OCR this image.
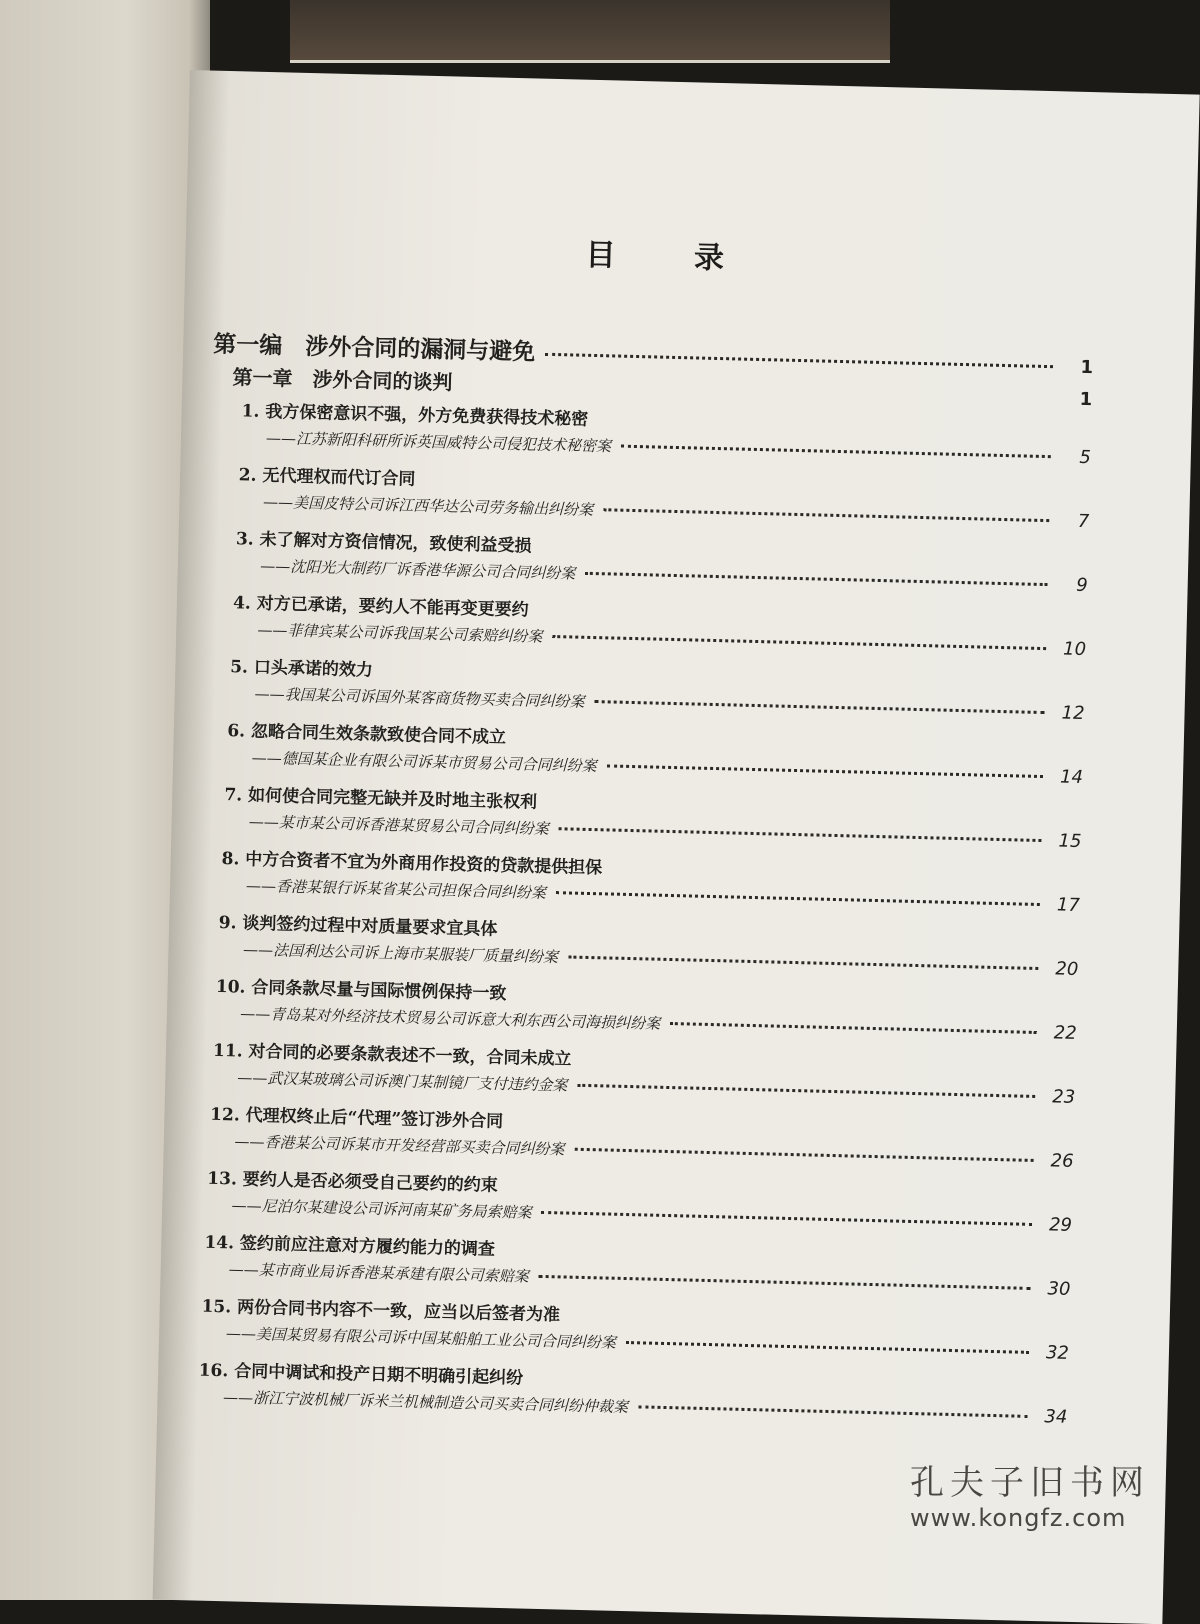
目 录
第一编　涉外合同的漏洞与避免
1
第一章　涉外合同的谈判
1
1. 我方保密意识不强，外方免费获得技术秘密
——江苏新阳科研所诉英国威特公司侵犯技术秘密案
5
2. 无代理权而代订合同
——美国皮特公司诉江西华达公司劳务输出纠纷案
7
3. 未了解对方资信情况，致使利益受损
——沈阳光大制药厂诉香港华源公司合同纠纷案
9
4. 对方已承诺，要约人不能再变更要约
——菲律宾某公司诉我国某公司索赔纠纷案
10
5. 口头承诺的效力
——我国某公司诉国外某客商货物买卖合同纠纷案
12
6. 忽略合同生效条款致使合同不成立
——德国某企业有限公司诉某市贸易公司合同纠纷案
14
7. 如何使合同完整无缺并及时地主张权利
——某市某公司诉香港某贸易公司合同纠纷案
15
8. 中方合资者不宜为外商用作投资的贷款提供担保
——香港某银行诉某省某公司担保合同纠纷案
17
9. 谈判签约过程中对质量要求宜具体
——法国利达公司诉上海市某服装厂质量纠纷案
20
10. 合同条款尽量与国际惯例保持一致
——青岛某对外经济技术贸易公司诉意大利东西公司海损纠纷案
22
11. 对合同的必要条款表述不一致，合同未成立
——武汉某玻璃公司诉澳门某制镜厂支付违约金案
23
12. 代理权终止后“代理”签订涉外合同
——香港某公司诉某市开发经营部买卖合同纠纷案
26
13. 要约人是否必须受自己要约的约束
——尼泊尔某建设公司诉河南某矿务局索赔案
29
14. 签约前应注意对方履约能力的调查
——某市商业局诉香港某承建有限公司索赔案
30
15. 两份合同书内容不一致，应当以后签者为准
——美国某贸易有限公司诉中国某船舶工业公司合同纠纷案
32
16. 合同中调试和投产日期不明确引起纠纷
——浙江宁波机械厂诉米兰机械制造公司买卖合同纠纷仲裁案
34
孔夫子旧书网
www.kongfz.com
